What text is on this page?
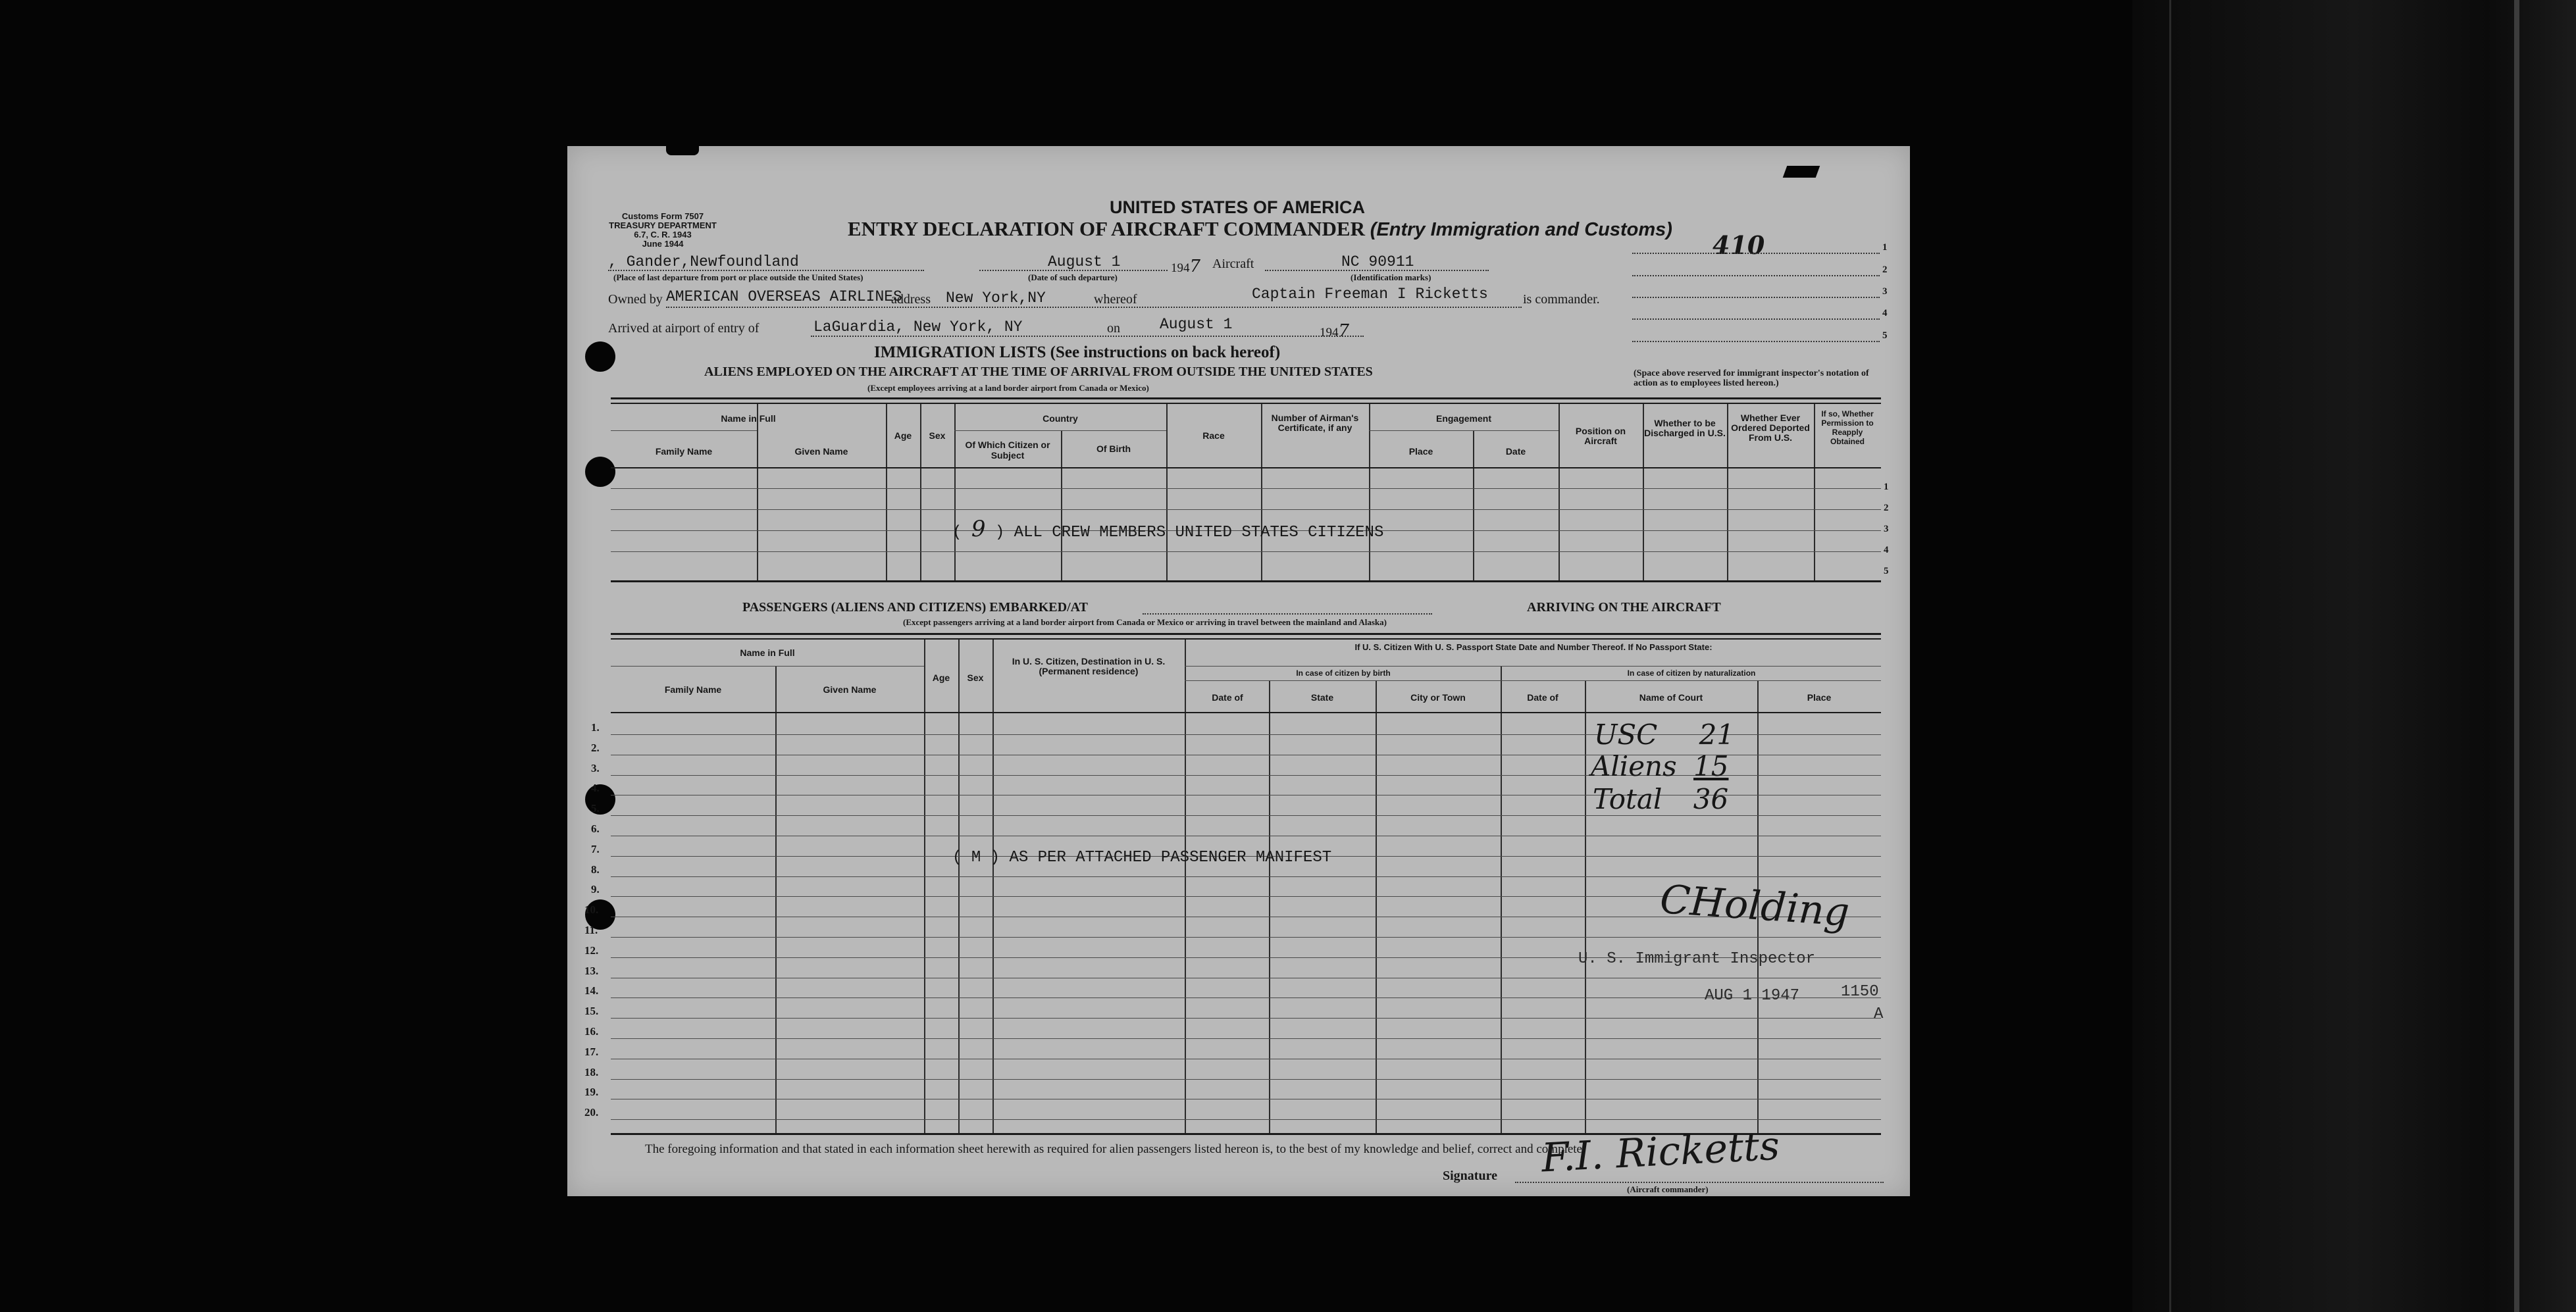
Customs Form 7507
TREASURY DEPARTMENT
6.7, C. R. 1943
June 1944
UNITED STATES OF AMERICA
ENTRY DECLARATION OF AIRCRAFT COMMANDER (Entry Immigration and Customs)
410	1
2
3
4
5
(Space above reserved for immigrant inspector's notation of action as to employees listed hereon.)
, Gander,Newfoundland
(Place of last departure from port or place outside the United States)
August 1
(Date of such departure)
1947 Aircraft	NC 90911
(Identification marks)
Owned by AMERICAN OVERSEAS AIRLINES
address New York,NY	whereof	Captain Freeman I Ricketts	is commander.
Arrived at airport of entry of	LaGuardia, New York, NY	on	August 1	1947
IMMIGRATION LISTS (See instructions on back hereof)
ALIENS EMPLOYED ON THE AIRCRAFT AT THE TIME OF ARRIVAL FROM OUTSIDE THE UNITED STATES
(Except employees arriving at a land border airport from Canada or Mexico)
Name in Full
Family Name	Given Name
Age	Sex
Country
Of Which Citizen or Subject
Of Birth
Race
Number of Airman's Certificate, if any
Engagement
Place	Date
Position on Aircraft
Whether to be Discharged in U.S.
Whether Ever Ordered Deported From U.S.
If so, Whether Permission to Reapply Obtained
1
2
3
4
5
( 9 ) ALL CREW MEMBERS UNITED STATES CITIZENS
PASSENGERS (ALIENS AND CITIZENS) EMBARKED/AT	ARRIVING ON THE AIRCRAFT
(Except passengers arriving at a land border airport from Canada or Mexico or arriving in travel between the mainland and Alaska)
Name in Full
Family Name	Given Name
Age	Sex
In U. S. Citizen, Destination in U. S. (Permanent residence)
If U. S. Citizen With U. S. Passport State Date and Number Thereof. If No Passport State:
In case of citizen by birth	In case of citizen by naturalization
Date of	State	City or Town	Date of	Name of Court	Place
1.
2.
3.
4.
5.
6.
7.
8.
9.
10.
11.
12.
13.
14.
15.
16.
17.
18.
19.
20.
( M ) AS PER ATTACHED PASSENGER MANIFEST
USC 21
Aliens 15
Total 36
CHolding
U. S. Immigrant Inspector
AUG 1 1947	1150
A
The foregoing information and that stated in each information sheet herewith as required for alien passengers listed hereon is, to the best of my knowledge and belief, correct and complete.
Signature F.I. Ricketts
(Aircraft commander)
